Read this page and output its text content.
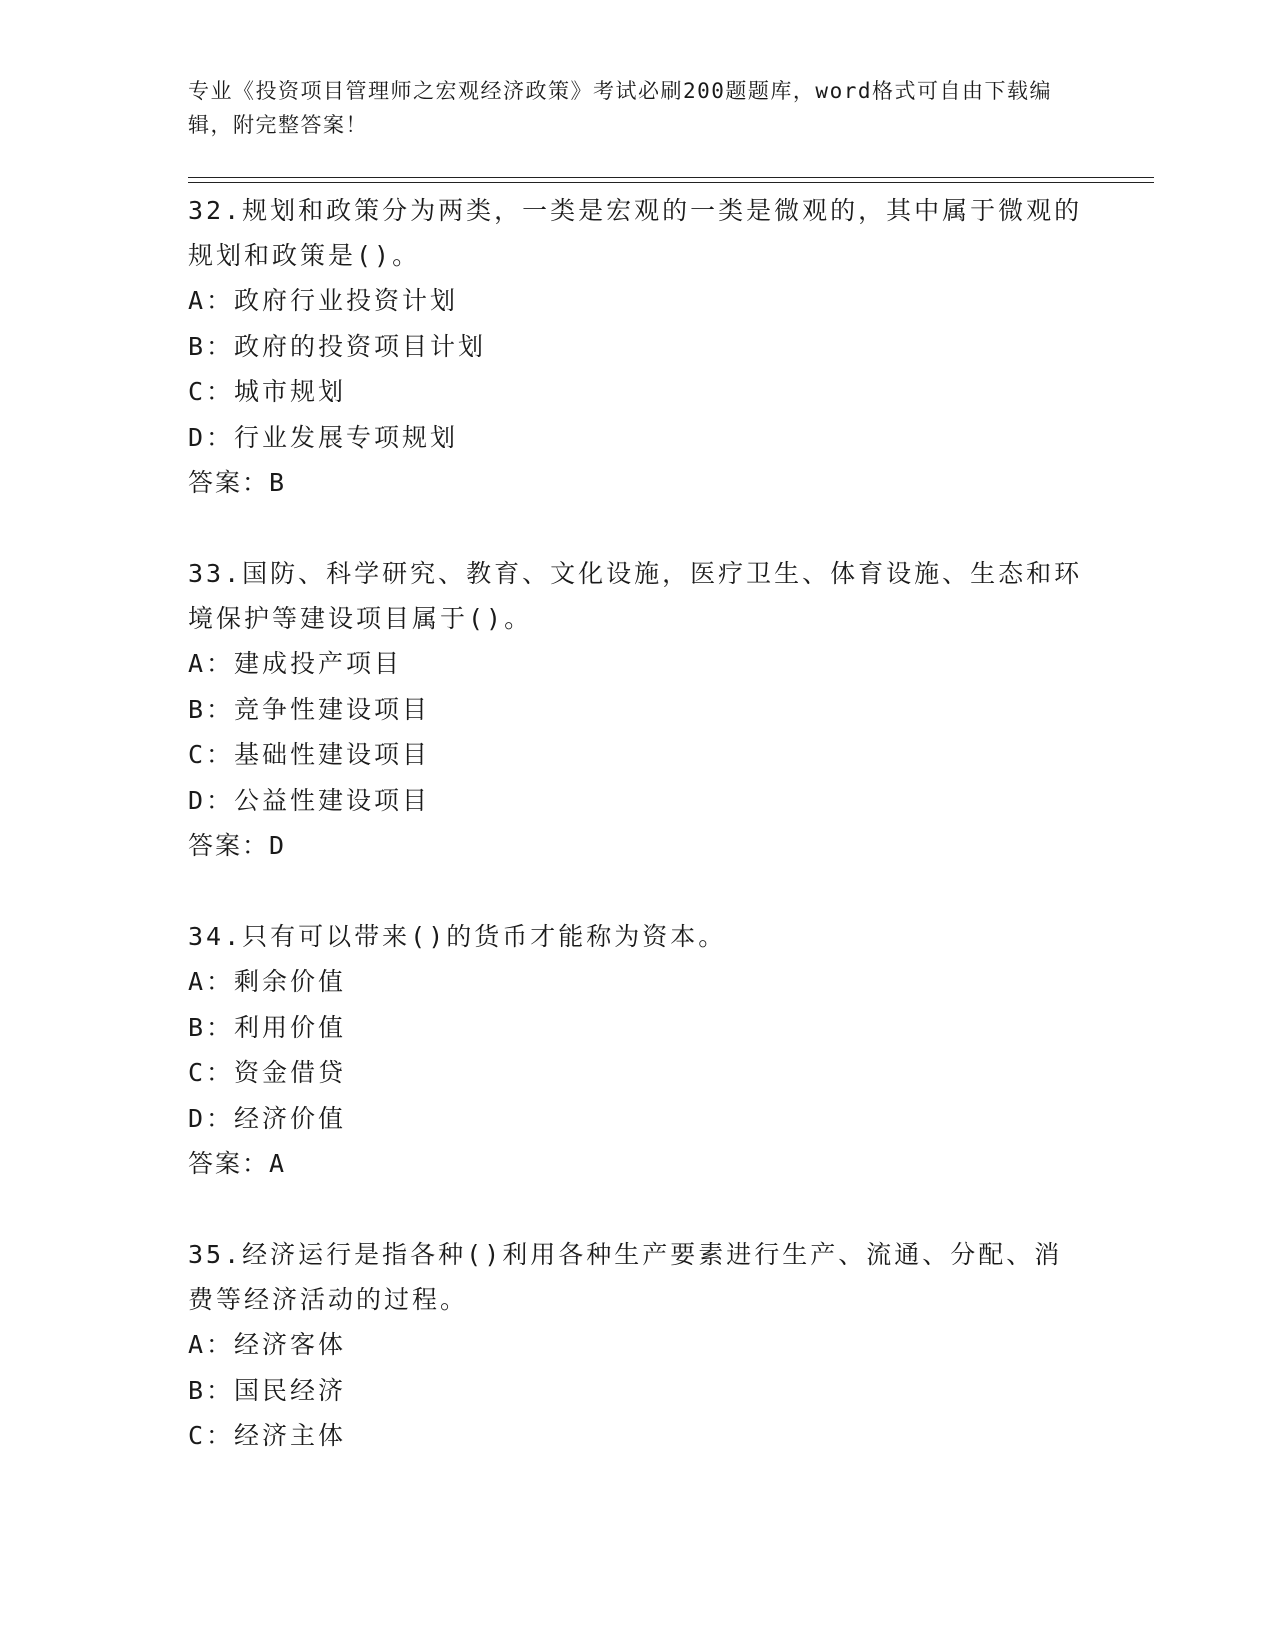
专业《投资项目管理师之宏观经济政策》考试必刷200题题库，word格式可自由下载编辑，附完整答案！
32.规划和政策分为两类，一类是宏观的一类是微观的，其中属于微观的规划和政策是()。
A：政府行业投资计划
B：政府的投资项目计划
C：城市规划
D：行业发展专项规划
答案：B
33.国防、科学研究、教育、文化设施，医疗卫生、体育设施、生态和环境保护等建设项目属于()。
A：建成投产项目
B：竞争性建设项目
C：基础性建设项目
D：公益性建设项目
答案：D
34.只有可以带来()的货币才能称为资本。
A：剩余价值
B：利用价值
C：资金借贷
D：经济价值
答案：A
35.经济运行是指各种()利用各种生产要素进行生产、流通、分配、消费等经济活动的过程。
A：经济客体
B：国民经济
C：经济主体
